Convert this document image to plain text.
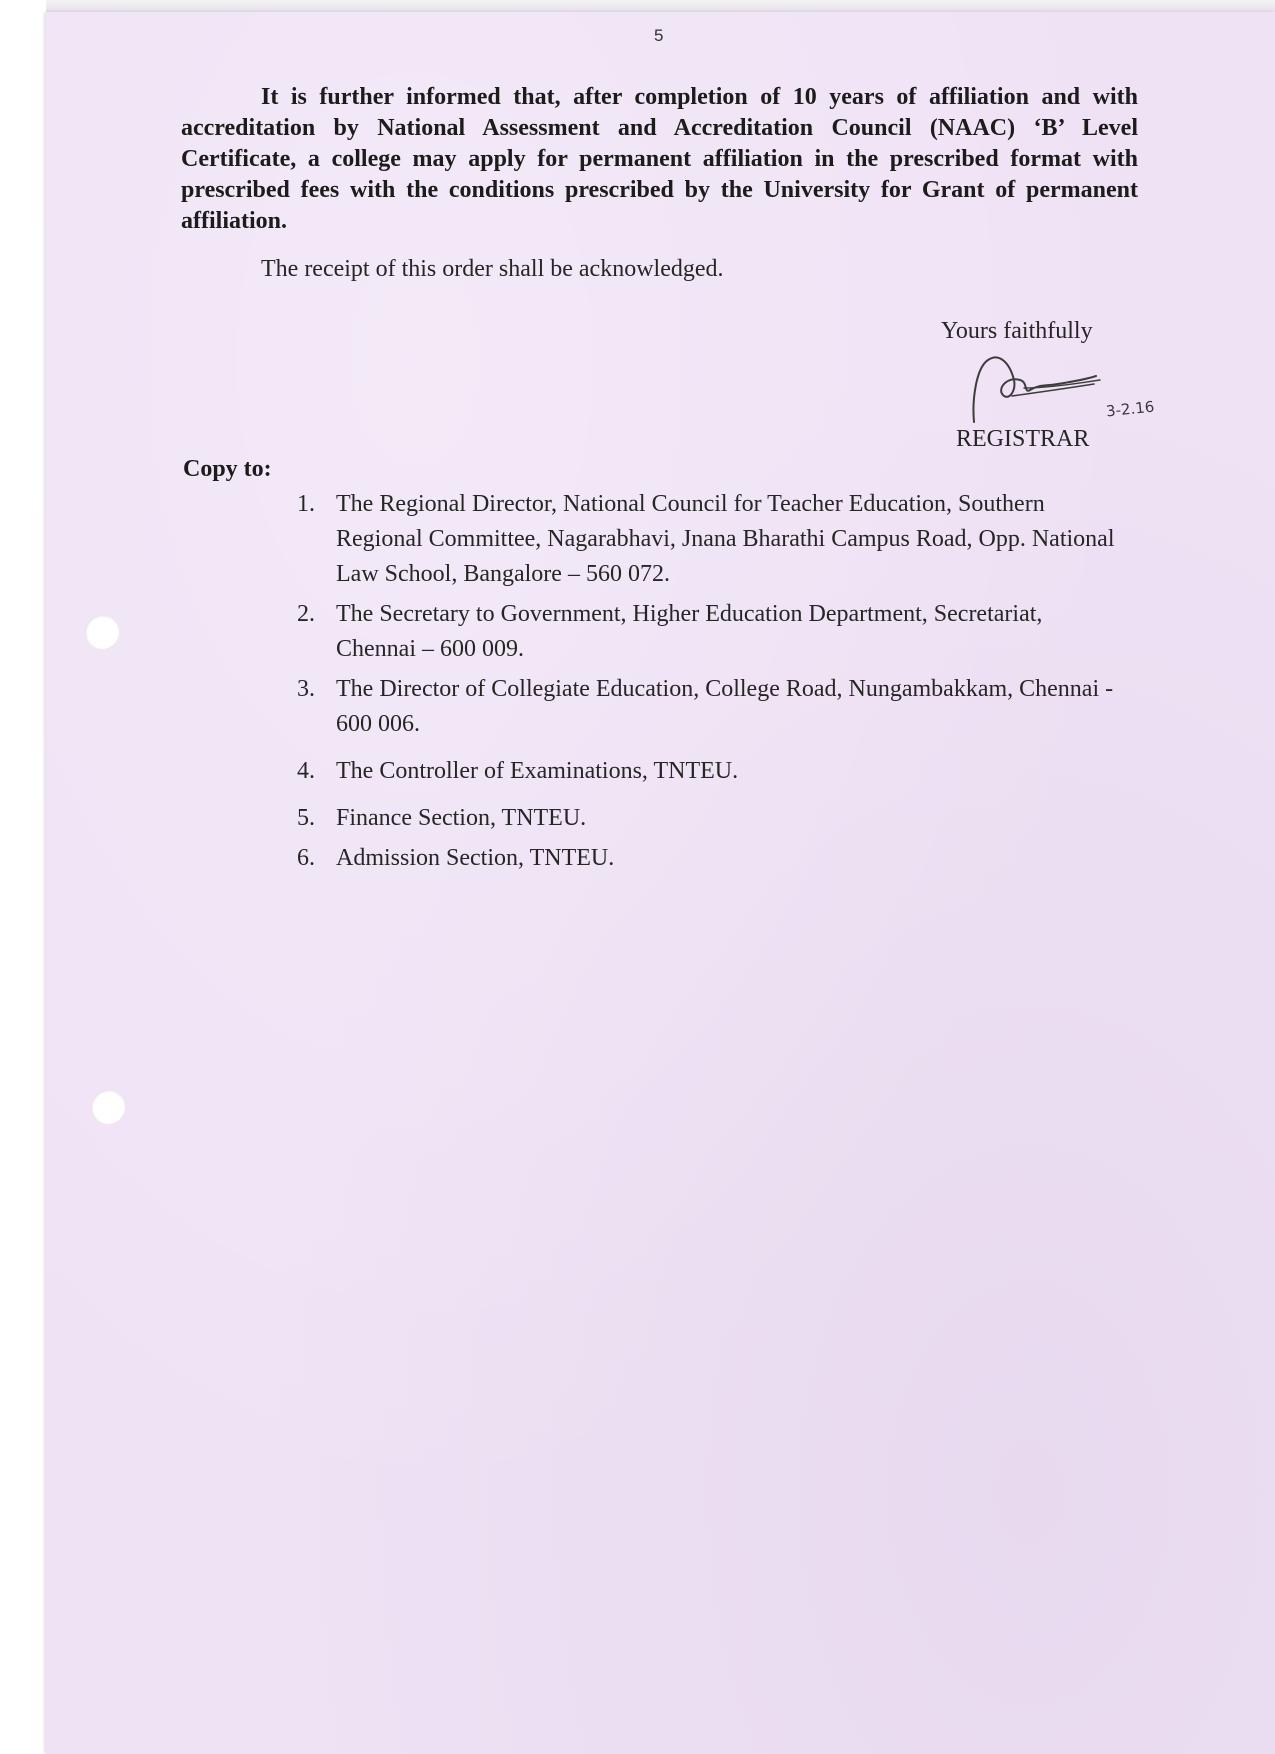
5

It is further informed that, after completion of 10 years of affiliation and with accreditation by National Assessment and Accreditation Council (NAAC) ‘B’ Level Certificate, a college may apply for permanent affiliation in the prescribed format with prescribed fees with the conditions prescribed by the University for Grant of permanent affiliation.

The receipt of this order shall be acknowledged.

Yours faithfully
3-2.16
REGISTRAR
Copy to:
1. The Regional Director, National Council for Teacher Education, Southern Regional Committee, Nagarabhavi, Jnana Bharathi Campus Road, Opp. National Law School, Bangalore – 560 072.
2. The Secretary to Government, Higher Education Department, Secretariat, Chennai – 600 009.
3. The Director of Collegiate Education, College Road, Nungambakkam, Chennai - 600 006.
4. The Controller of Examinations, TNTEU.
5. Finance Section, TNTEU.
6. Admission Section, TNTEU.
